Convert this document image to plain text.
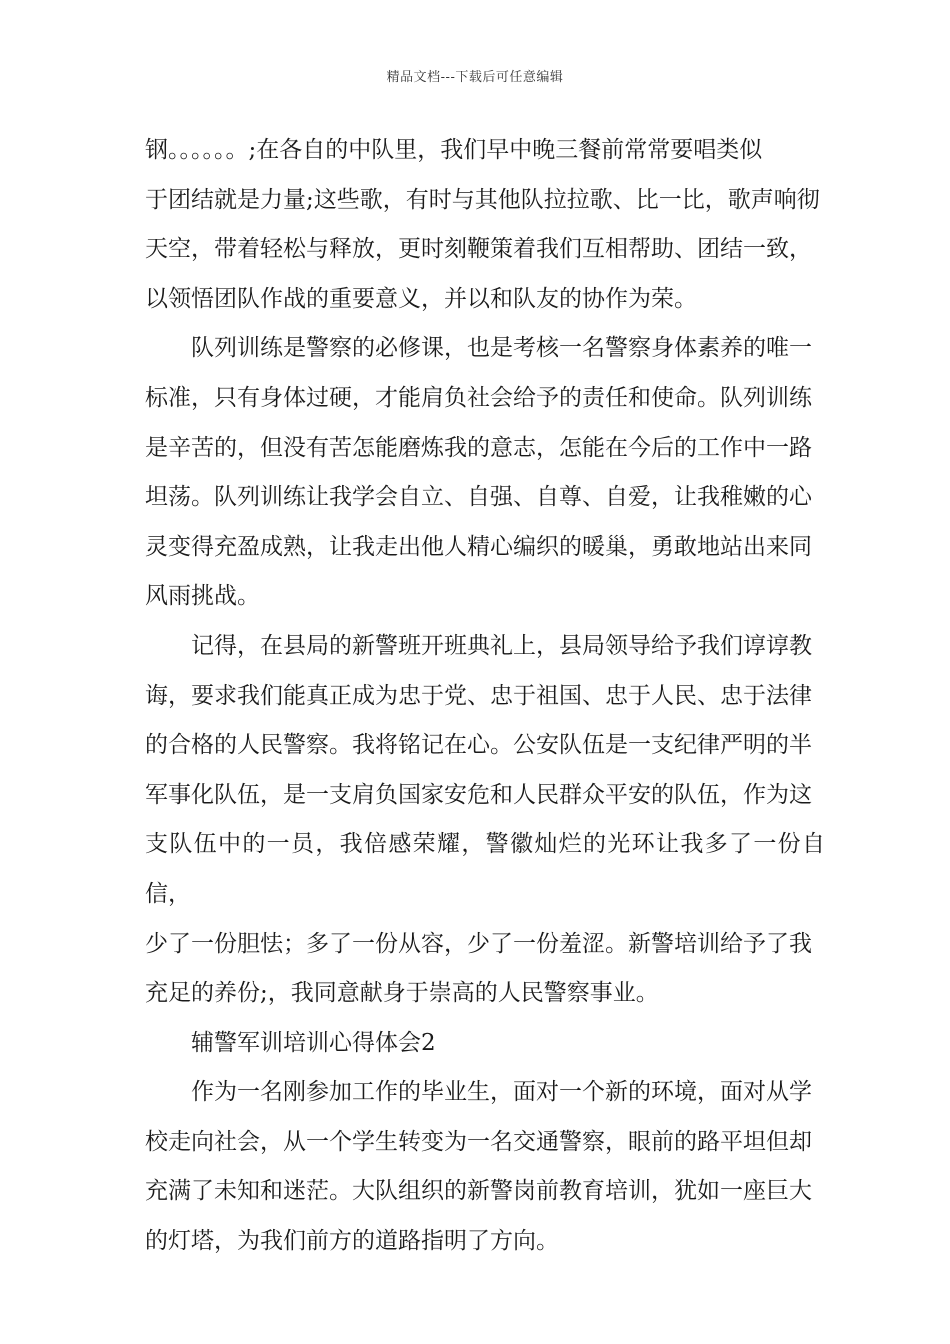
精品文档---下载后可任意编辑

钢。。。。。。;在各自的中队里，我们早中晚三餐前常常要唱类似
于团结就是力量;这些歌，有时与其他队拉拉歌、比一比，歌声响彻
天空，带着轻松与释放，更时刻鞭策着我们互相帮助、团结一致，
以领悟团队作战的重要意义，并以和队友的协作为荣。

队列训练是警察的必修课，也是考核一名警察身体素养的唯一
标准，只有身体过硬，才能肩负社会给予的责任和使命。队列训练
是辛苦的，但没有苦怎能磨炼我的意志，怎能在今后的工作中一路
坦荡。队列训练让我学会自立、自强、自尊、自爱，让我稚嫩的心
灵变得充盈成熟，让我走出他人精心编织的暖巢，勇敢地站出来同
风雨挑战。

记得，在县局的新警班开班典礼上，县局领导给予我们谆谆教
诲，要求我们能真正成为忠于党、忠于祖国、忠于人民、忠于法律
的合格的人民警察。我将铭记在心。公安队伍是一支纪律严明的半
军事化队伍，是一支肩负国家安危和人民群众平安的队伍，作为这
支队伍中的一员，我倍感荣耀，警徽灿烂的光环让我多了一份自信，
少了一份胆怯；多了一份从容，少了一份羞涩。新警培训给予了我
充足的养份;，我同意献身于崇高的人民警察事业。

辅警军训培训心得体会2

作为一名刚参加工作的毕业生，面对一个新的环境，面对从学
校走向社会，从一个学生转变为一名交通警察，眼前的路平坦但却
充满了未知和迷茫。大队组织的新警岗前教育培训，犹如一座巨大
的灯塔，为我们前方的道路指明了方向。
